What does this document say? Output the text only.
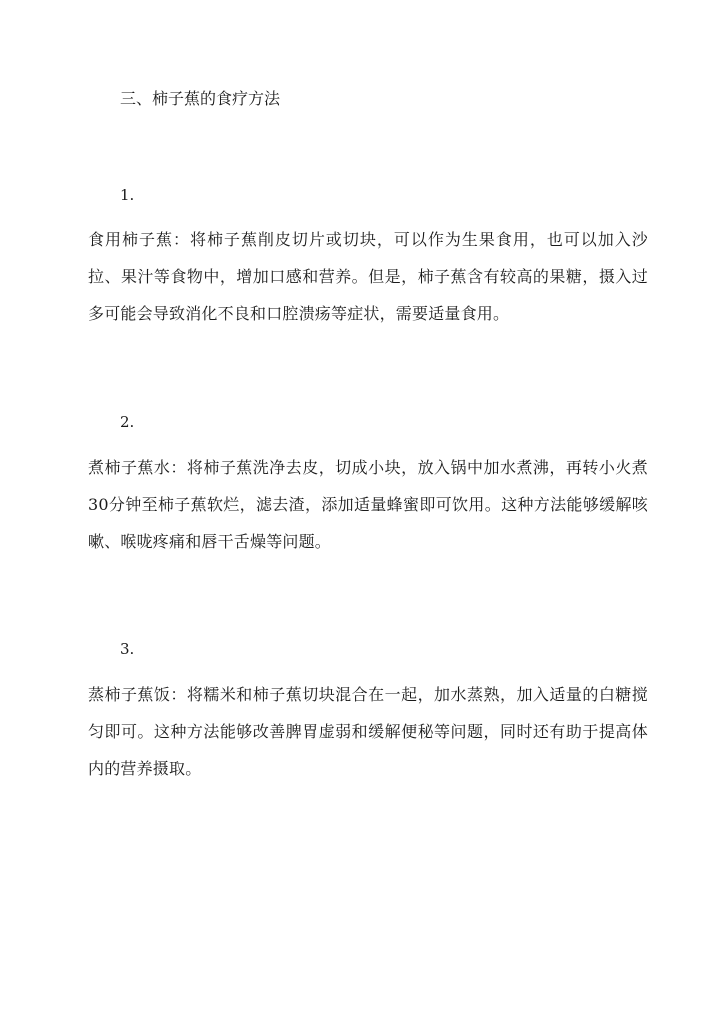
三、柿子蕉的食疗方法
1.
食用柿子蕉：将柿子蕉削皮切片或切块，可以作为生果食用，也可以加入沙拉、果汁等食物中，增加口感和营养。但是，柿子蕉含有较高的果糖，摄入过多可能会导致消化不良和口腔溃疡等症状，需要适量食用。
2.
煮柿子蕉水：将柿子蕉洗净去皮，切成小块，放入锅中加水煮沸，再转小火煮30分钟至柿子蕉软烂，滤去渣，添加适量蜂蜜即可饮用。这种方法能够缓解咳嗽、喉咙疼痛和唇干舌燥等问题。
3.
蒸柿子蕉饭：将糯米和柿子蕉切块混合在一起，加水蒸熟，加入适量的白糖搅匀即可。这种方法能够改善脾胃虚弱和缓解便秘等问题，同时还有助于提高体内的营养摄取。
